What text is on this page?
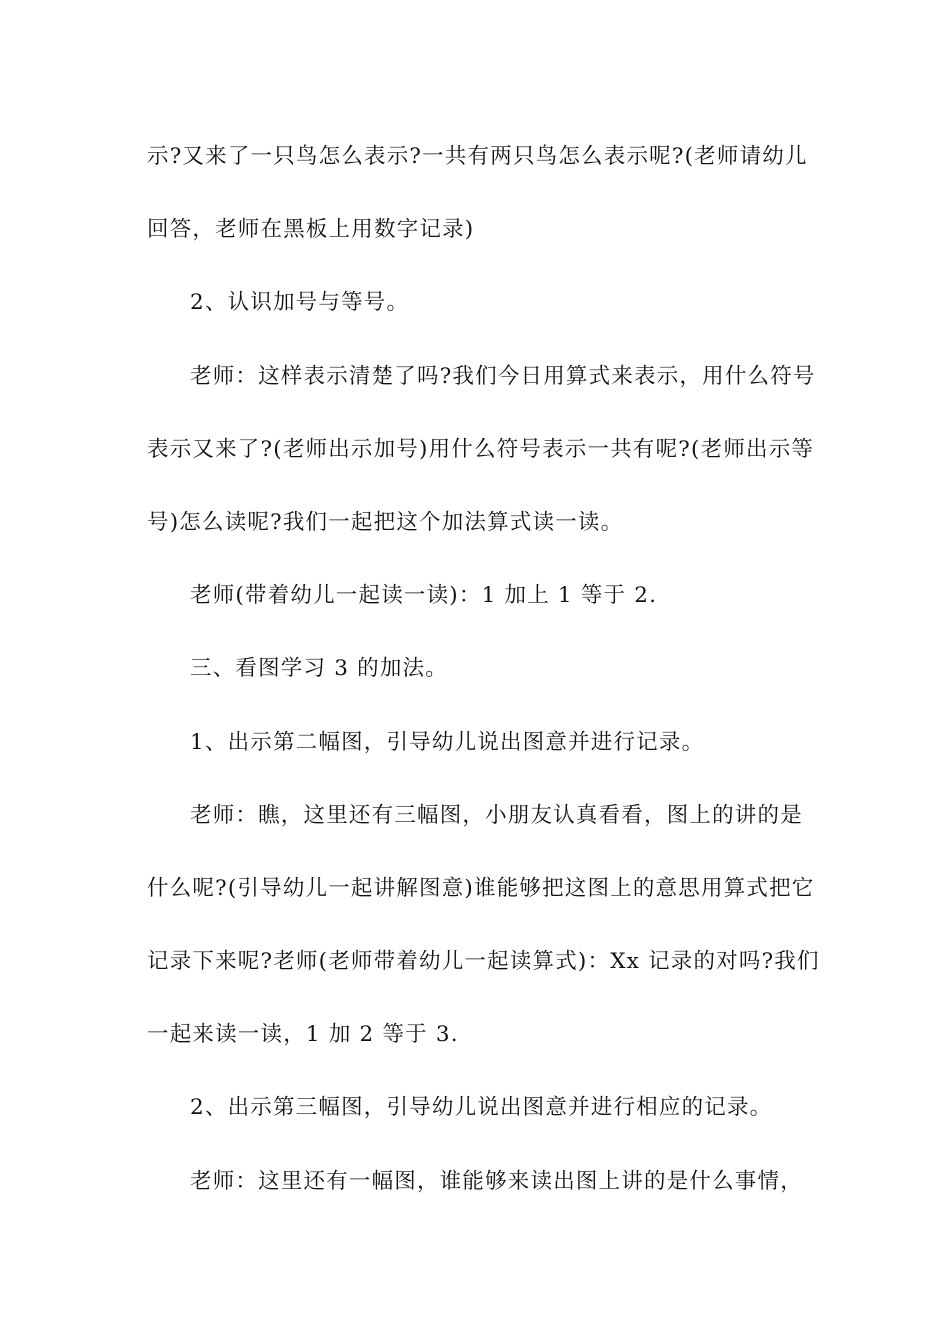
示?又来了一只鸟怎么表示?一共有两只鸟怎么表示呢?(老师请幼儿
回答，老师在黑板上用数字记录)
2、认识加号与等号。
老师：这样表示清楚了吗?我们今日用算式来表示，用什么符号
表示又来了?(老师出示加号)用什么符号表示一共有呢?(老师出示等
号)怎么读呢?我们一起把这个加法算式读一读。
老师(带着幼儿一起读一读)：1 加上 1 等于 2.
三、看图学习 3 的加法。
1、出示第二幅图，引导幼儿说出图意并进行记录。
老师：瞧，这里还有三幅图，小朋友认真看看，图上的讲的是
什么呢?(引导幼儿一起讲解图意)谁能够把这图上的意思用算式把它
记录下来呢?老师(老师带着幼儿一起读算式)：Xx 记录的对吗?我们
一起来读一读，1 加 2 等于 3.
2、出示第三幅图，引导幼儿说出图意并进行相应的记录。
老师：这里还有一幅图，谁能够来读出图上讲的是什么事情，
